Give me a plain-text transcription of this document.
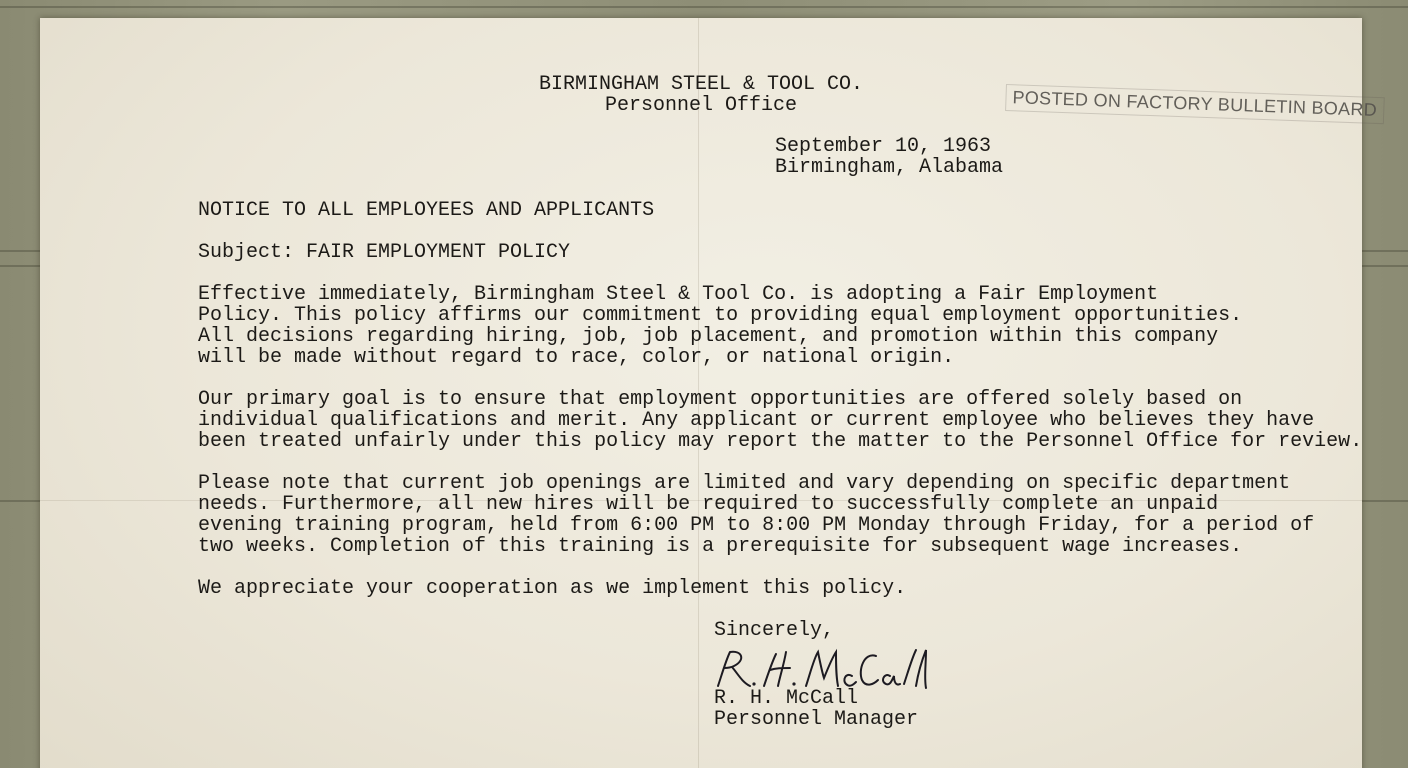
BIRMINGHAM STEEL & TOOL CO.
Personnel Office	POSTED ON FACTORY BULLETIN BOARD
September 10, 1963
Birmingham, Alabama
NOTICE TO ALL EMPLOYEES AND APPLICANTS
Subject: FAIR EMPLOYMENT POLICY
Effective immediately, Birmingham Steel & Tool Co. is adopting a Fair Employment
Policy. This policy affirms our commitment to providing equal employment opportunities.
All decisions regarding hiring, job, job placement, and promotion within this company
will be made without regard to race, color, or national origin.
Our primary goal is to ensure that employment opportunities are offered solely based on
individual qualifications and merit. Any applicant or current employee who believes they have
been treated unfairly under this policy may report the matter to the Personnel Office for review.
Please note that current job openings are limited and vary depending on specific department
needs. Furthermore, all new hires will be required to successfully complete an unpaid
evening training program, held from 6:00 PM to 8:00 PM Monday through Friday, for a period of
two weeks. Completion of this training is a prerequisite for subsequent wage increases.
We appreciate your cooperation as we implement this policy.
Sincerely,
R. H. McCall
Personnel Manager
